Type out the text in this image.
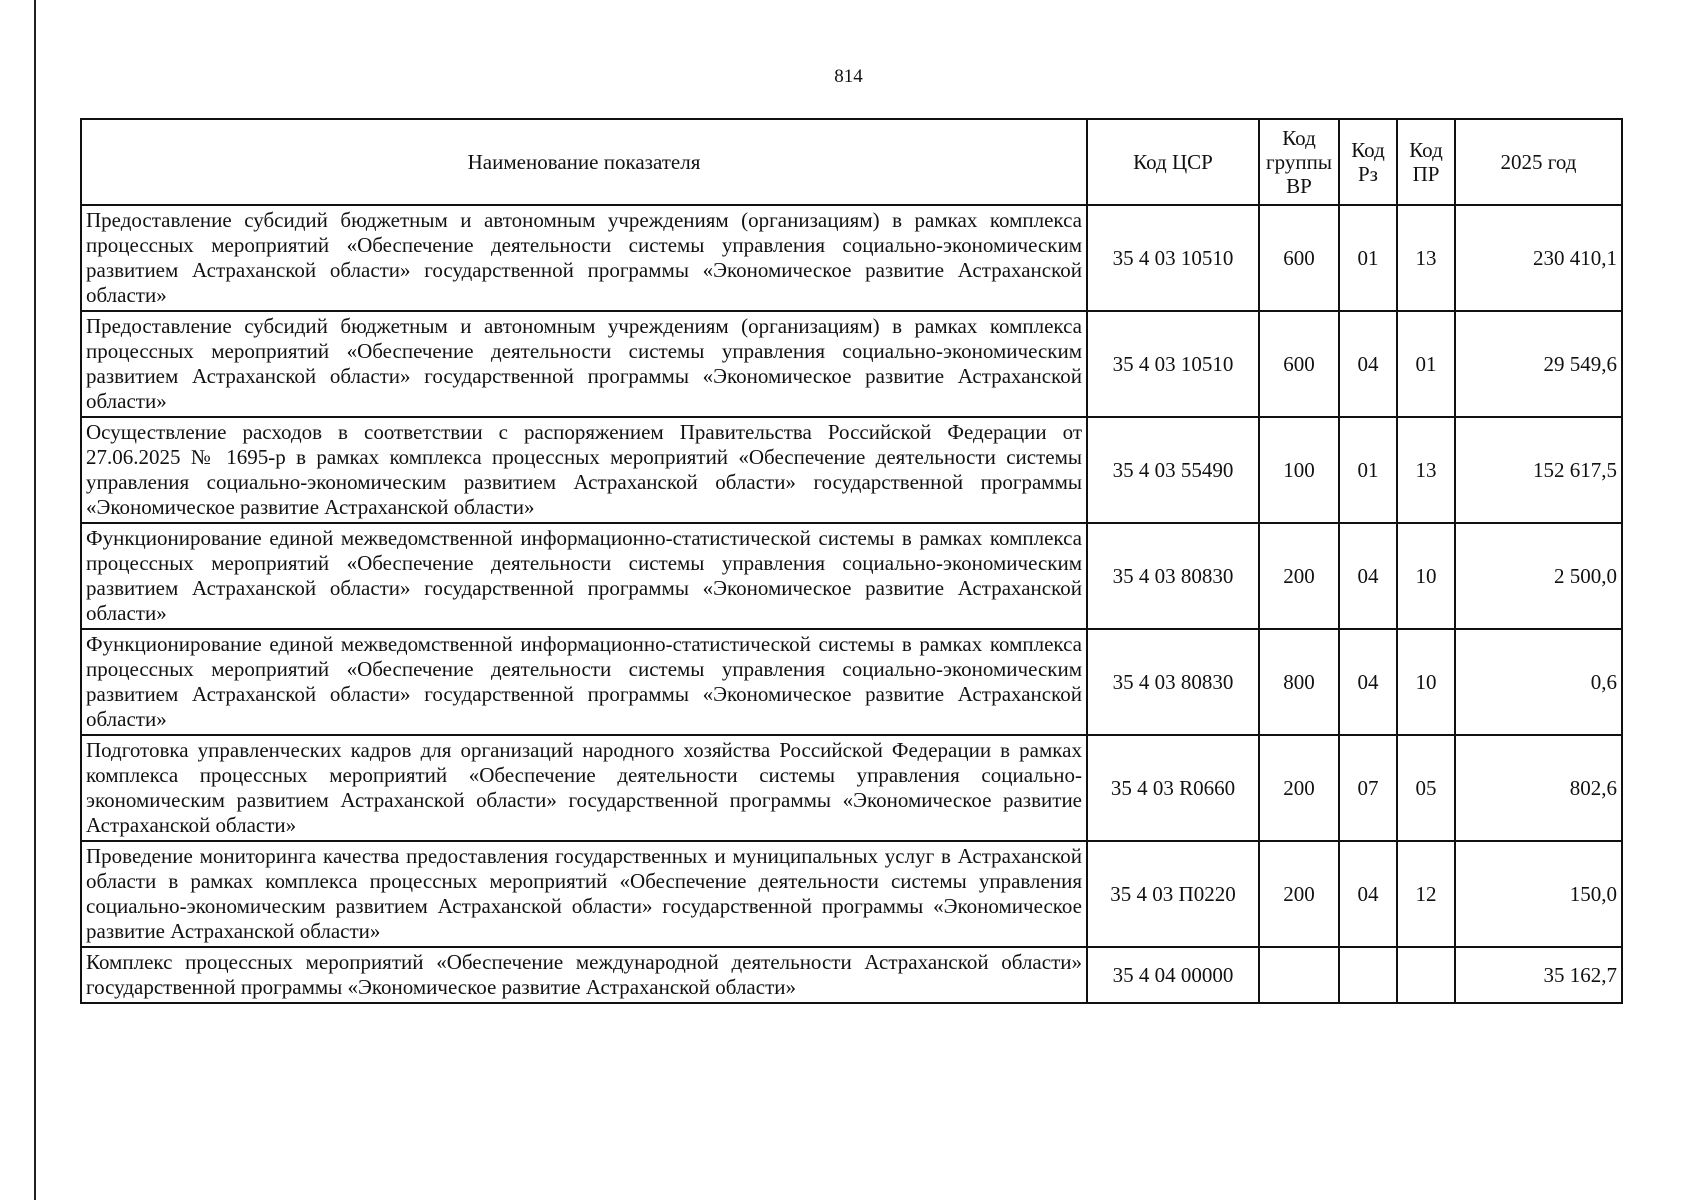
814
Наименование показателя	Код ЦСР	Код группы ВР	Код Рз	Код ПР	2025 год
Предоставление субсидий бюджетным и автономным учреждениям (организациям) в рамках комплекса процессных мероприятий «Обеспечение деятельности системы управления социально-экономическим развитием Астраханской области» государственной программы «Экономическое развитие Астраханской области»	35 4 03 10510	600	01	13	230 410,1
Предоставление субсидий бюджетным и автономным учреждениям (организациям) в рамках комплекса процессных мероприятий «Обеспечение деятельности системы управления социально-экономическим развитием Астраханской области» государственной программы «Экономическое развитие Астраханской области»	35 4 03 10510	600	04	01	29 549,6
Осуществление расходов в соответствии с распоряжением Правительства Российской Федерации от 27.06.2025 № 1695-р в рамках комплекса процессных мероприятий «Обеспечение деятельности системы управления социально-экономическим развитием Астраханской области» государственной программы «Экономическое развитие Астраханской области»	35 4 03 55490	100	01	13	152 617,5
Функционирование единой межведомственной информационно-статистической системы в рамках комплекса процессных мероприятий «Обеспечение деятельности системы управления социально-экономическим развитием Астраханской области» государственной программы «Экономическое развитие Астраханской области»	35 4 03 80830	200	04	10	2 500,0
Функционирование единой межведомственной информационно-статистической системы в рамках комплекса процессных мероприятий «Обеспечение деятельности системы управления социально-экономическим развитием Астраханской области» государственной программы «Экономическое развитие Астраханской области»	35 4 03 80830	800	04	10	0,6
Подготовка управленческих кадров для организаций народного хозяйства Российской Федерации в рамках комплекса процессных мероприятий «Обеспечение деятельности системы управления социально-экономическим развитием Астраханской области» государственной программы «Экономическое развитие Астраханской области»	35 4 03 R0660	200	07	05	802,6
Проведение мониторинга качества предоставления государственных и муниципальных услуг в Астраханской области в рамках комплекса процессных мероприятий «Обеспечение деятельности системы управления социально-экономическим развитием Астраханской области» государственной программы «Экономическое развитие Астраханской области»	35 4 03 П0220	200	04	12	150,0
Комплекс процессных мероприятий «Обеспечение международной деятельности Астраханской области» государственной программы «Экономическое развитие Астраханской области»	35 4 04 00000				35 162,7
